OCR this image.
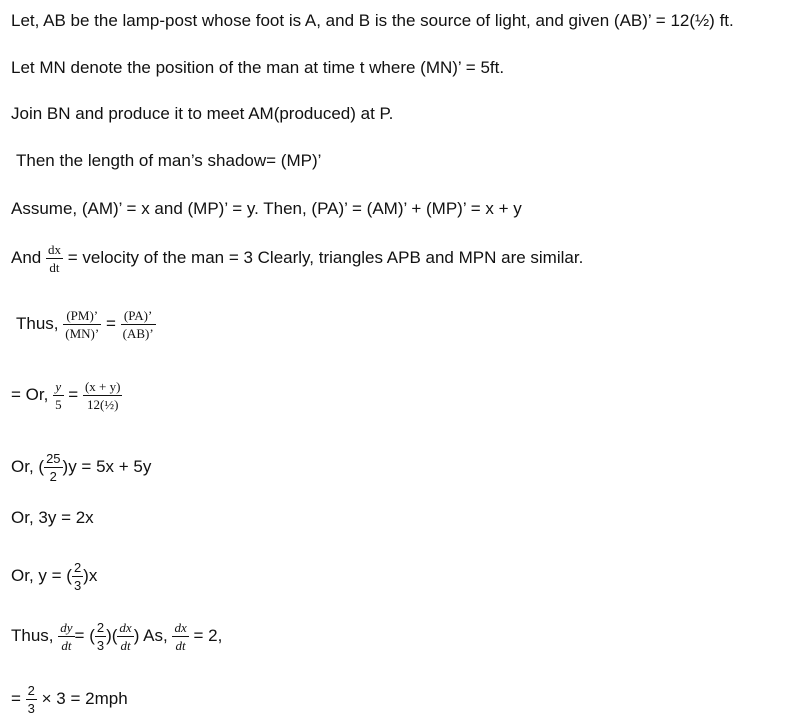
Let, AB be the lamp-post whose foot is A, and B is the source of light, and given (AB)’ = 12(½) ft.
Let MN denote the position of the man at time t where (MN)’ = 5ft.
Join BN and produce it to meet AM(produced) at P.
Then the length of man’s shadow= (MP)’
Assume, (AM)’ = x and (MP)’ = y. Then, (PA)’ = (AM)’ + (MP)’ = x + y
And $\frac{dx}{dt}$ = velocity of the man = 3 Clearly, triangles APB and MPN are similar.
Thus, $\frac{(PM)’}{(MN)’} = \frac{(PA)’}{(AB)’}$
= Or, $\frac{y}{5} = \frac{(x + y)}{\text{12(½)}}$
Or, ( $\frac{25}{2} )y = 5x + 5y$
Or, 3y = 2x
Or, y = ( $\frac{2}{3} )x$
Thus, $\frac{dy}{dt}$ = ( $\frac{2}{3}$ )( $\frac{dx}{dt}$ ) As, $\frac{dx}{dt} = 2$,
= $\frac{2}{3} \times 3 = 2mph$
